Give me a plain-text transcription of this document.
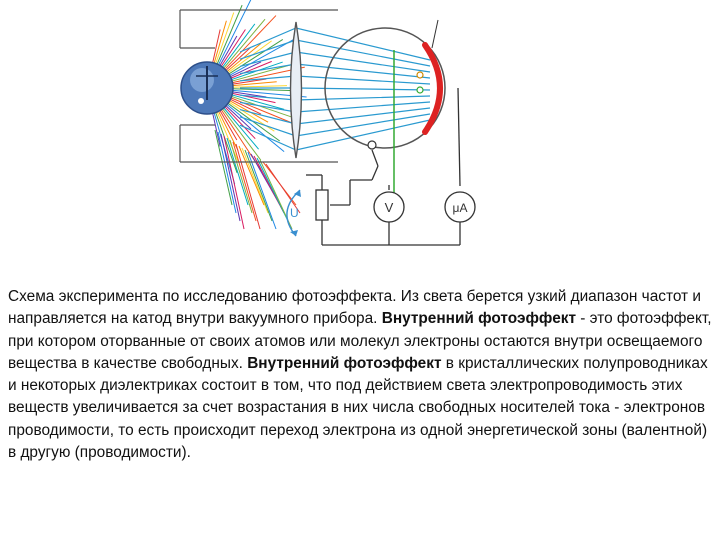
V	μA
U
Схема эксперимента по исследованию фотоэффекта. Из света берется узкий диапазон частот и направляется на катод внутри вакуумного прибора. Внутренний фотоэффект - это фотоэффект, при котором оторванные от своих атомов или молекул электроны остаются внутри освещаемого вещества в качестве свободных. Внутренний фотоэффект в кристаллических полупроводниках и некоторых диэлектриках состоит в том, что под действием света электропроводимость этих веществ увеличивается за счет возрастания в них числа свободных носителей тока - электронов проводимости, то есть происходит переход электрона из одной энергетической зоны (валентной) в другую (проводимости).
